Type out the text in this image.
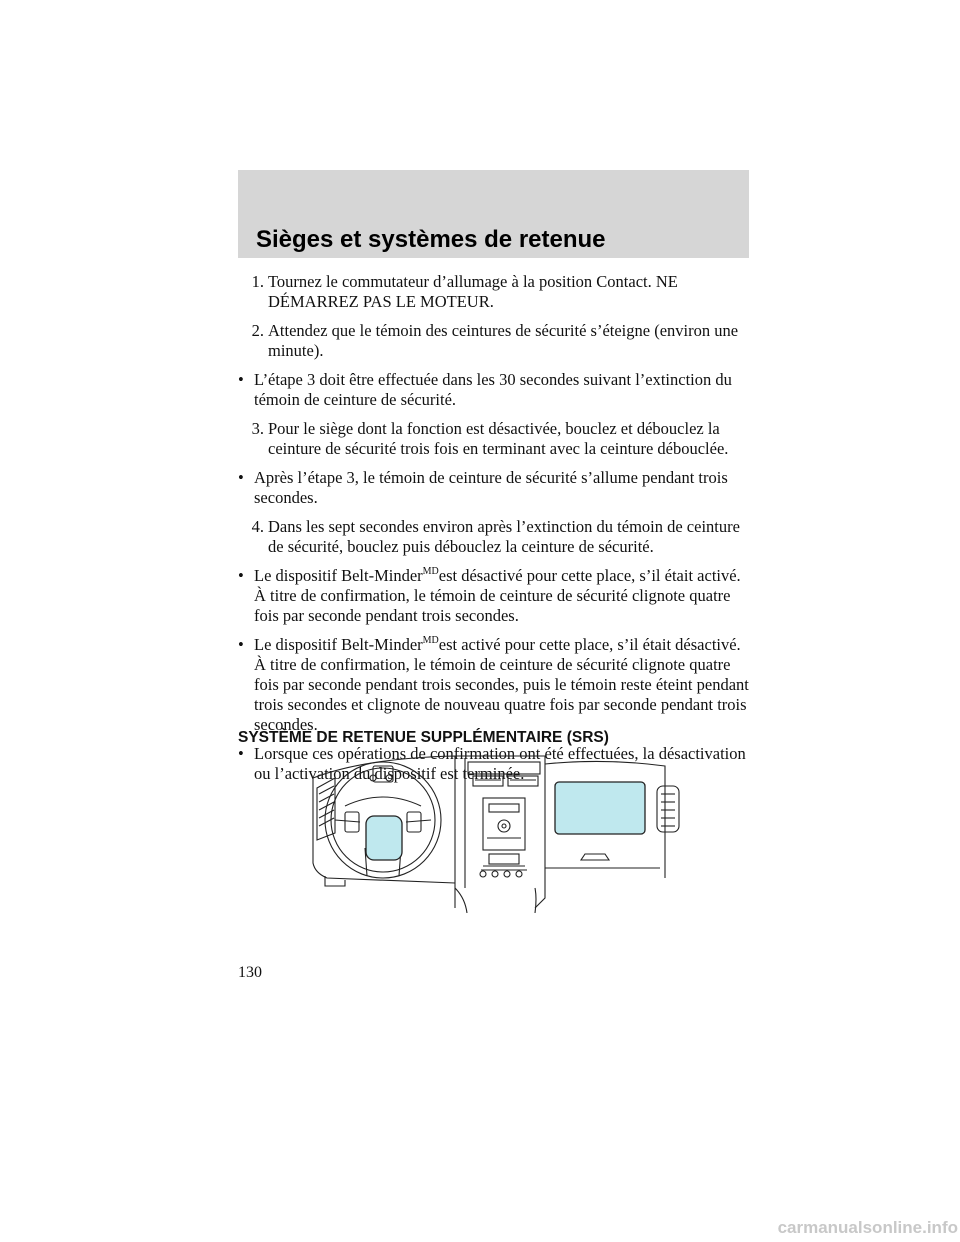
Sièges et systèmes de retenue
1. Tournez le commutateur d’allumage à la position Contact. NE DÉMARREZ PAS LE MOTEUR.
2. Attendez que le témoin des ceintures de sécurité s’éteigne (environ une minute).
• L’étape 3 doit être effectuée dans les 30 secondes suivant l’extinction du témoin de ceinture de sécurité.
3. Pour le siège dont la fonction est désactivée, bouclez et débouclez la ceinture de sécurité trois fois en terminant avec la ceinture débouclée.
• Après l’étape 3, le témoin de ceinture de sécurité s’allume pendant trois secondes.
4. Dans les sept secondes environ après l’extinction du témoin de ceinture de sécurité, bouclez puis débouclez la ceinture de sécurité.
• Le dispositif Belt-Minder$^{MD}$est désactivé pour cette place, s’il était activé. À titre de confirmation, le témoin de ceinture de sécurité clignote quatre fois par seconde pendant trois secondes.
• Le dispositif Belt-Minder$^{MD}$est activé pour cette place, s’il était désactivé. À titre de confirmation, le témoin de ceinture de sécurité clignote quatre fois par seconde pendant trois secondes, puis le témoin reste éteint pendant trois secondes et clignote de nouveau quatre fois par seconde pendant trois secondes.
• Lorsque ces opérations de confirmation ont été effectuées, la désactivation ou l’activation du dispositif est terminée.
SYSTÈME DE RETENUE SUPPLÉMENTAIRE (SRS)
130
carmanualsonline.info
